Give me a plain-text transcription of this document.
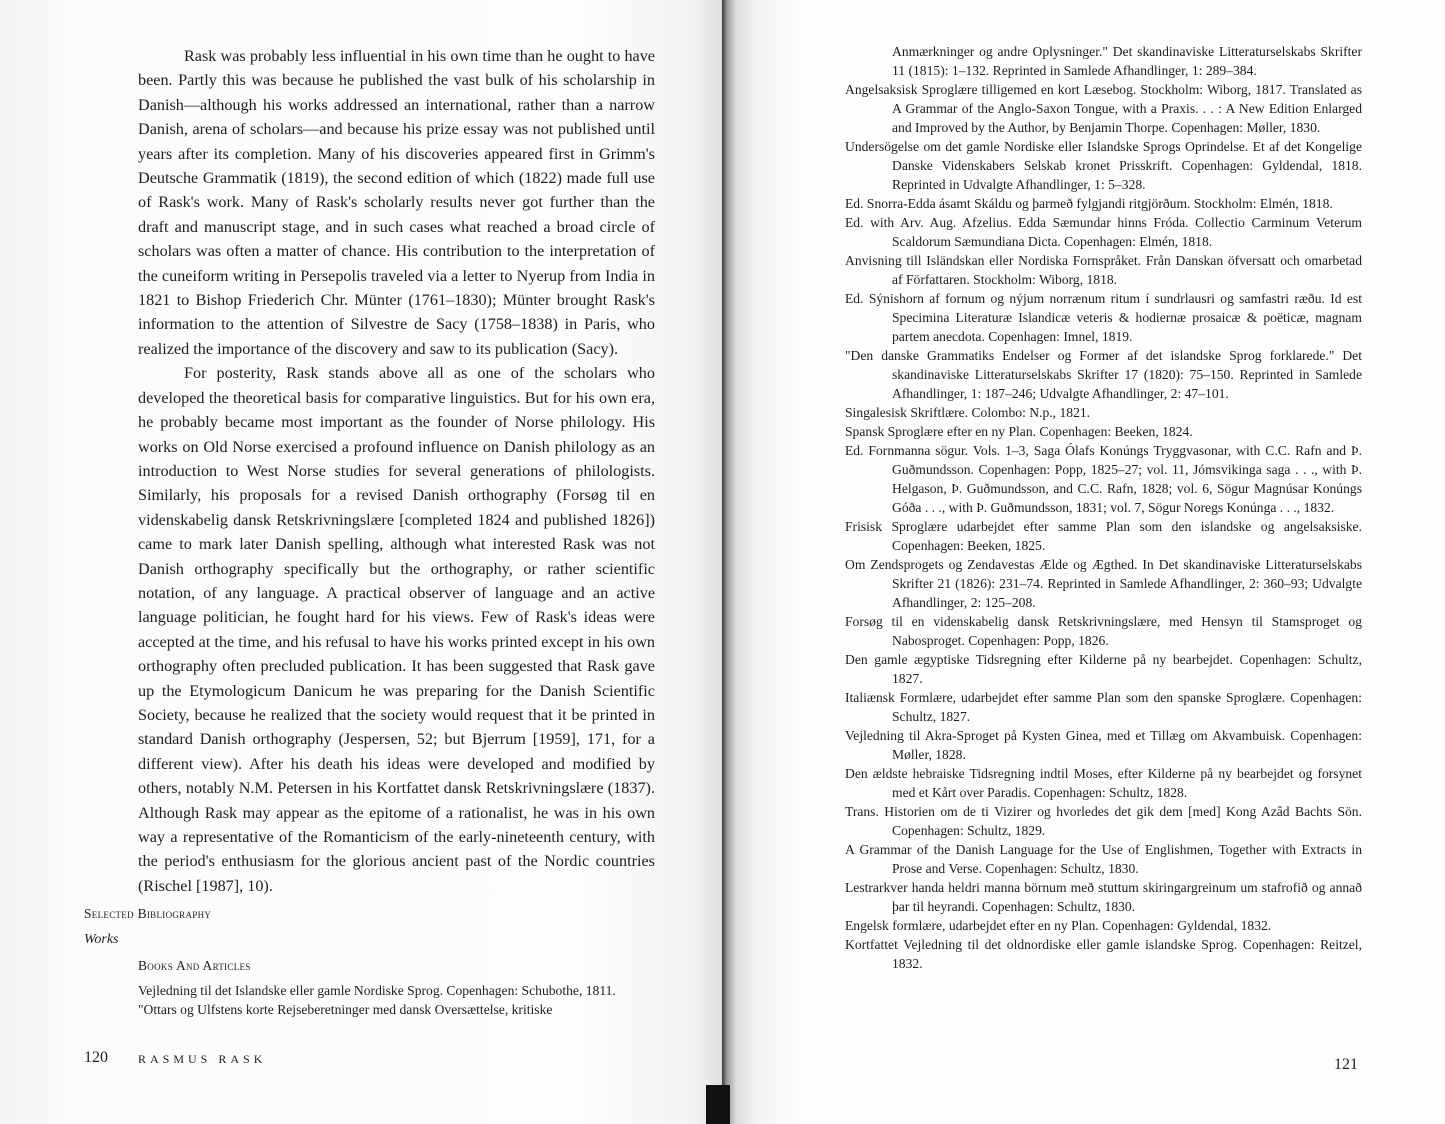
Rask was probably less influential in his own time than he ought to have been. Partly this was because he published the vast bulk of his scholarship in Danish—although his works addressed an international, rather than a narrow Danish, arena of scholars—and because his prize essay was not published until years after its completion. Many of his discoveries appeared first in Grimm's Deutsche Grammatik (1819), the second edition of which (1822) made full use of Rask's work. Many of Rask's scholarly results never got further than the draft and manuscript stage, and in such cases what reached a broad circle of scholars was often a matter of chance. His contribution to the interpretation of the cuneiform writing in Persepolis traveled via a letter to Nyerup from India in 1821 to Bishop Friederich Chr. Münter (1761–1830); Münter brought Rask's information to the attention of Silvestre de Sacy (1758–1838) in Paris, who realized the importance of the discovery and saw to its publication (Sacy).

For posterity, Rask stands above all as one of the scholars who developed the theoretical basis for comparative linguistics. But for his own era, he probably became most important as the founder of Norse philology. His works on Old Norse exercised a profound influence on Danish philology as an introduction to West Norse studies for several generations of philologists. Similarly, his proposals for a revised Danish orthography (Forsøg til en videnskabelig dansk Retskrivningslære [completed 1824 and published 1826]) came to mark later Danish spelling, although what interested Rask was not Danish orthography specifically but the orthography, or rather scientific notation, of any language. A practical observer of language and an active language politician, he fought hard for his views. Few of Rask's ideas were accepted at the time, and his refusal to have his works printed except in his own orthography often precluded publication. It has been suggested that Rask gave up the Etymologicum Danicum he was preparing for the Danish Scientific Society, because he realized that the society would request that it be printed in standard Danish orthography (Jespersen, 52; but Bjerrum [1959], 171, for a different view). After his death his ideas were developed and modified by others, notably N.M. Petersen in his Kortfattet dansk Retskrivningslære (1837). Although Rask may appear as the epitome of a rationalist, he was in his own way a representative of the Romanticism of the early-nineteenth century, with the period's enthusiasm for the glorious ancient past of the Nordic countries (Rischel [1987], 10).

Selected Bibliography
Works
Books And Articles
Vejledning til det Islandske eller gamle Nordiske Sprog. Copenhagen: Schubothe, 1811.
"Ottars og Ulfstens korte Rejseberetninger med dansk Oversættelse, kritiske
120	RASMUS RASK
Anmærkninger og andre Oplysninger." Det skandinaviske Litteraturselskabs Skrifter 11 (1815): 1–132. Reprinted in Samlede Afhandlinger, 1: 289–384.
Angelsaksisk Sproglære tilligemed en kort Læsebog. Stockholm: Wiborg, 1817. Translated as A Grammar of the Anglo-Saxon Tongue, with a Praxis. . . : A New Edition Enlarged and Improved by the Author, by Benjamin Thorpe. Copenhagen: Møller, 1830.
Undersögelse om det gamle Nordiske eller Islandske Sprogs Oprindelse. Et af det Kongelige Danske Videnskabers Selskab kronet Prisskrift. Copenhagen: Gyldendal, 1818. Reprinted in Udvalgte Afhandlinger, 1: 5–328.
Ed. Snorra-Edda ásamt Skáldu og þarmeð fylgjandi ritgjörðum. Stockholm: Elmén, 1818.
Ed. with Arv. Aug. Afzelius. Edda Sæmundar hinns Fróda. Collectio Carminum Veterum Scaldorum Sæmundiana Dicta. Copenhagen: Elmén, 1818.
Anvisning till Isländskan eller Nordiska Fornspråket. Från Danskan öfversatt och omarbetad af Författaren. Stockholm: Wiborg, 1818.
Ed. Sýnishorn af fornum og nýjum norrænum ritum í sundrlausri og samfastri ræðu. Id est Specimina Literaturæ Islandicæ veteris & hodiernæ prosaicæ & poëticæ, magnam partem anecdota. Copenhagen: Imnel, 1819.
"Den danske Grammatiks Endelser og Former af det islandske Sprog forklarede." Det skandinaviske Litteraturselskabs Skrifter 17 (1820): 75–150. Reprinted in Samlede Afhandlinger, 1: 187–246; Udvalgte Afhandlinger, 2: 47–101.
Singalesisk Skriftlære. Colombo: N.p., 1821.
Spansk Sproglære efter en ny Plan. Copenhagen: Beeken, 1824.
Ed. Fornmanna sögur. Vols. 1–3, Saga Ólafs Konúngs Tryggvasonar, with C.C. Rafn and Þ. Guðmundsson. Copenhagen: Popp, 1825–27; vol. 11, Jómsvikinga saga . . ., with Þ. Helgason, Þ. Guðmundsson, and C.C. Rafn, 1828; vol. 6, Sögur Magnúsar Konúngs Góða . . ., with Þ. Guðmundsson, 1831; vol. 7, Sögur Noregs Konúnga . . ., 1832.
Frisisk Sproglære udarbejdet efter samme Plan som den islandske og angelsaksiske. Copenhagen: Beeken, 1825.
Om Zendsprogets og Zendavestas Ælde og Ægthed. In Det skandinaviske Litteraturselskabs Skrifter 21 (1826): 231–74. Reprinted in Samlede Afhandlinger, 2: 360–93; Udvalgte Afhandlinger, 2: 125–208.
Forsøg til en videnskabelig dansk Retskrivningslære, med Hensyn til Stamsproget og Nabosproget. Copenhagen: Popp, 1826.
Den gamle ægyptiske Tidsregning efter Kilderne på ny bearbejdet. Copenhagen: Schultz, 1827.
Italiænsk Formlære, udarbejdet efter samme Plan som den spanske Sproglære. Copenhagen: Schultz, 1827.
Vejledning til Akra-Sproget på Kysten Ginea, med et Tillæg om Akvambuisk. Copenhagen: Møller, 1828.
Den ældste hebraiske Tidsregning indtil Moses, efter Kilderne på ny bearbejdet og forsynet med et Kårt over Paradis. Copenhagen: Schultz, 1828.
Trans. Historien om de ti Vizirer og hvorledes det gik dem [med] Kong Azâd Bachts Sön. Copenhagen: Schultz, 1829.
A Grammar of the Danish Language for the Use of Englishmen, Together with Extracts in Prose and Verse. Copenhagen: Schultz, 1830.
Lestrarkver handa heldri manna börnum með stuttum skiringargreinum um stafrofið og annað þar til heyrandi. Copenhagen: Schultz, 1830.
Engelsk formlære, udarbejdet efter en ny Plan. Copenhagen: Gyldendal, 1832.
Kortfattet Vejledning til det oldnordiske eller gamle islandske Sprog. Copenhagen: Reitzel, 1832.
121
